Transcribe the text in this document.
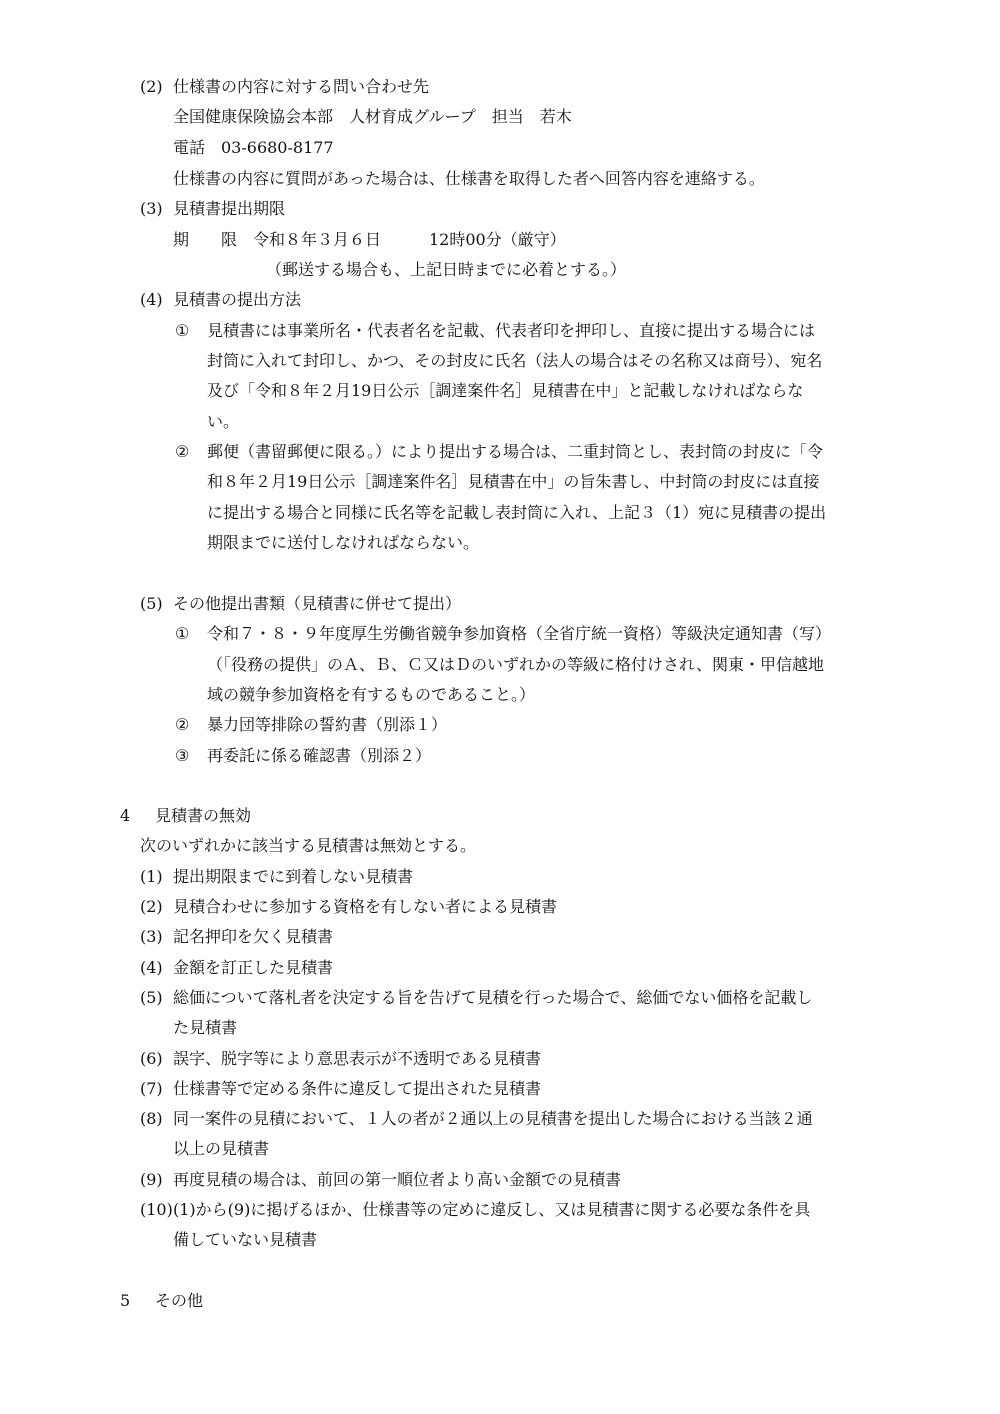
(2) 仕様書の内容に対する問い合わせ先
全国健康保険協会本部　人材育成グループ　担当　若木
電話　03-6680-8177
仕様書の内容に質問があった場合は、仕様書を取得した者へ回答内容を連絡する。
(3) 見積書提出期限
期　　限　令和８年３月６日　　　12時00分（厳守）
（郵送する場合も、上記日時までに必着とする。）
(4) 見積書の提出方法
① 見積書には事業所名・代表者名を記載、代表者印を押印し、直接に提出する場合には
封筒に入れて封印し、かつ、その封皮に氏名（法人の場合はその名称又は商号）、宛名
及び「令和８年２月19日公示［調達案件名］見積書在中」と記載しなければならな
い。
② 郵便（書留郵便に限る。）により提出する場合は、二重封筒とし、表封筒の封皮に「令
和８年２月19日公示［調達案件名］見積書在中」の旨朱書し、中封筒の封皮には直接
に提出する場合と同様に氏名等を記載し表封筒に入れ、上記３（1）宛に見積書の提出
期限までに送付しなければならない。
(5) その他提出書類（見積書に併せて提出）
① 令和７・８・９年度厚生労働省競争参加資格（全省庁統一資格）等級決定通知書（写）
（「役務の提供」のＡ、Ｂ、Ｃ又はＤのいずれかの等級に格付けされ、関東・甲信越地
域の競争参加資格を有するものであること。）
② 暴力団等排除の誓約書（別添１）
③ 再委託に係る確認書（別添２）
4 見積書の無効
次のいずれかに該当する見積書は無効とする。
(1) 提出期限までに到着しない見積書
(2) 見積合わせに参加する資格を有しない者による見積書
(3) 記名押印を欠く見積書
(4) 金額を訂正した見積書
(5) 総価について落札者を決定する旨を告げて見積を行った場合で、総価でない価格を記載し
た見積書
(6) 誤字、脱字等により意思表示が不透明である見積書
(7) 仕様書等で定める条件に違反して提出された見積書
(8) 同一案件の見積において、１人の者が２通以上の見積書を提出した場合における当該２通
以上の見積書
(9) 再度見積の場合は、前回の第一順位者より高い金額での見積書
(10) (1)から(9)に掲げるほか、仕様書等の定めに違反し、又は見積書に関する必要な条件を具
備していない見積書
5 その他
